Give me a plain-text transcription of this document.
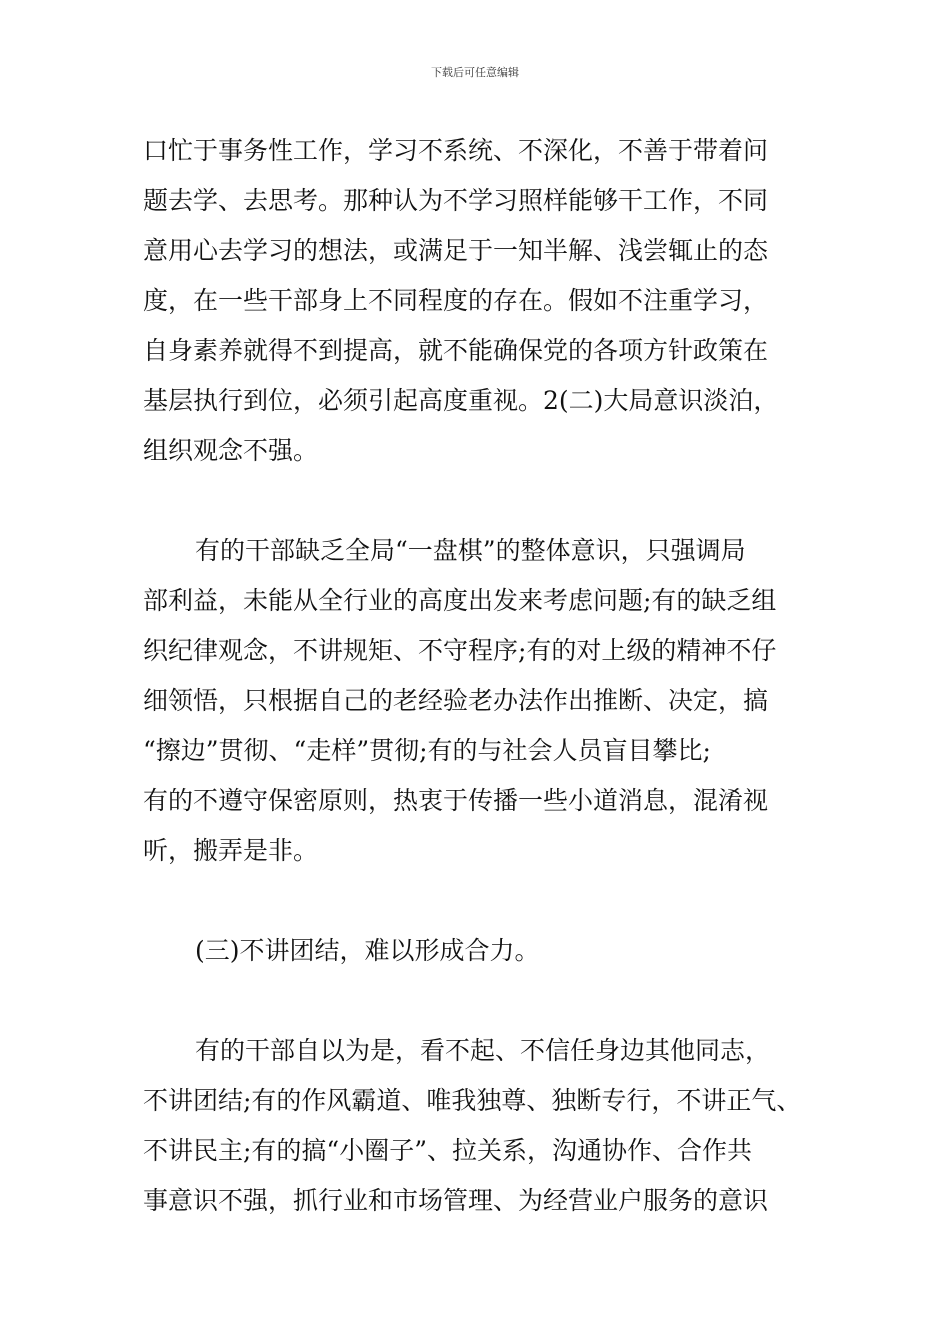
下载后可任意编辑
口忙于事务性工作，学习不系统、不深化，不善于带着问
题去学、去思考。那种认为不学习照样能够干工作，不同
意用心去学习的想法，或满足于一知半解、浅尝辄止的态
度，在一些干部身上不同程度的存在。假如不注重学习，
自身素养就得不到提高，就不能确保党的各项方针政策在
基层执行到位，必须引起高度重视。2(二)大局意识淡泊，
组织观念不强。
有的干部缺乏全局“一盘棋”的整体意识，只强调局
部利益，未能从全行业的高度出发来考虑问题;有的缺乏组
织纪律观念，不讲规矩、不守程序;有的对上级的精神不仔
细领悟，只根据自己的老经验老办法作出推断、决定，搞
“擦边”贯彻、“走样”贯彻;有的与社会人员盲目攀比;
有的不遵守保密原则，热衷于传播一些小道消息，混淆视
听，搬弄是非。
(三)不讲团结，难以形成合力。
有的干部自以为是，看不起、不信任身边其他同志，
不讲团结;有的作风霸道、唯我独尊、独断专行，不讲正气、
不讲民主;有的搞“小圈子”、拉关系，沟通协作、合作共
事意识不强，抓行业和市场管理、为经营业户服务的意识
